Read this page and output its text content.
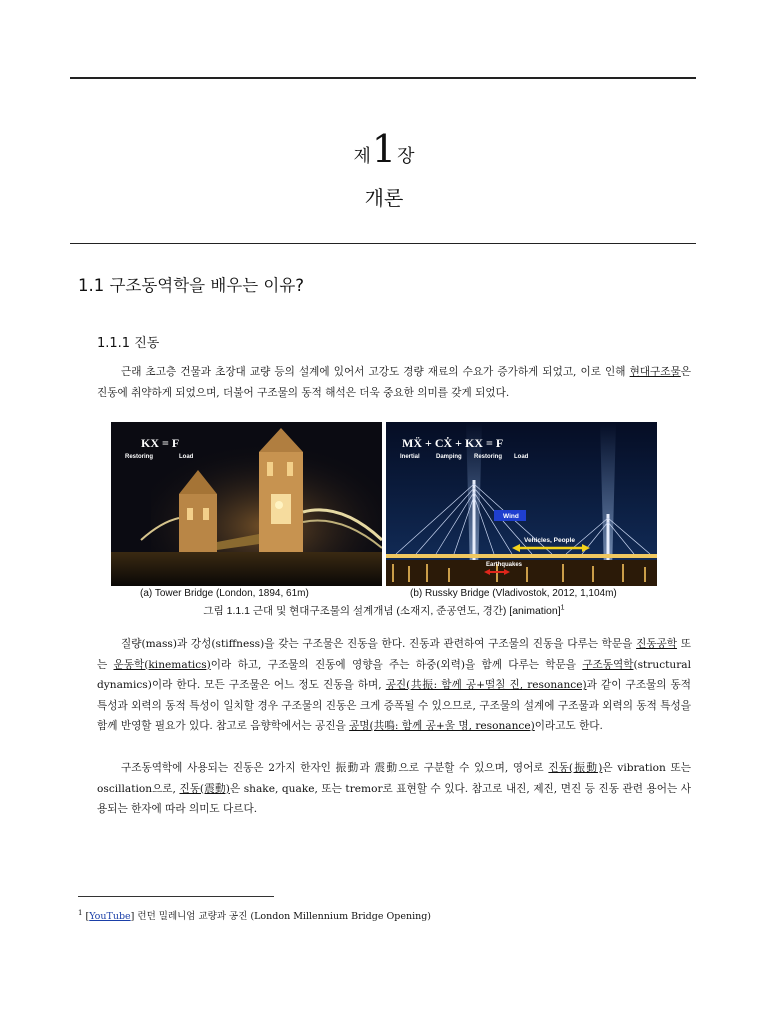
제1장
개론
1.1 구조동역학을 배우는 이유?
1.1.1 진동
근래 초고층 건물과 초장대 교량 등의 설계에 있어서 고강도 경량 재료의 수요가 증가하게 되었고, 이로 인해 현대구조물은 진동에 취약하게 되었으며, 더불어 구조물의 동적 해석은 더욱 중요한 의미를 갖게 되었다.
KX = F
Restoring	Load
Wind
Vehicles, People
Earthquakes
MẌ + CẊ + KX = F
Inertial	Damping Restoring Load
(a) Tower Bridge (London, 1894, 61m)	(b) Russky Bridge (Vladivostok, 2012, 1,104m)
그림 1.1.1 근대 및 현대구조물의 설계개념 (소재지, 준공연도, 경간) [animation]$^1$
질량(mass)과 강성(stiffness)을 갖는 구조물은 진동을 한다. 진동과 관련하여 구조물의 진동을 다루는 학문을 진동공학 또는 운동학(kinematics)이라 하고, 구조물의 진동에 영향을 주는 하중(외력)을 함께 다루는 학문을 구조동역학(structural dynamics)이라 한다. 모든 구조물은 어느 정도 진동을 하며, 공진(共振: 함께 공+떨칠 진, resonance)과 같이 구조물의 동적 특성과 외력의 동적 특성이 일치할 경우 구조물의 진동은 크게 증폭될 수 있으므로, 구조물의 설계에 구조물과 외력의 동적 특성을 함께 반영할 필요가 있다. 참고로 음향학에서는 공진을 공명(共鳴: 함께 공+울 명, resonance)이라고도 한다.
구조동역학에 사용되는 진동은 2가지 한자인 振動과 震動으로 구분할 수 있으며, 영어로 진동(振動)은 vibration 또는 oscillation으로, 진동(震動)은 shake, quake, 또는 tremor로 표현할 수 있다. 참고로 내진, 제진, 면진 등 진동 관련 용어는 사용되는 한자에 따라 의미도 다르다.
$^1$ [YouTube] 런던 밀레니엄 교량과 공진 (London Millennium Bridge Opening)
